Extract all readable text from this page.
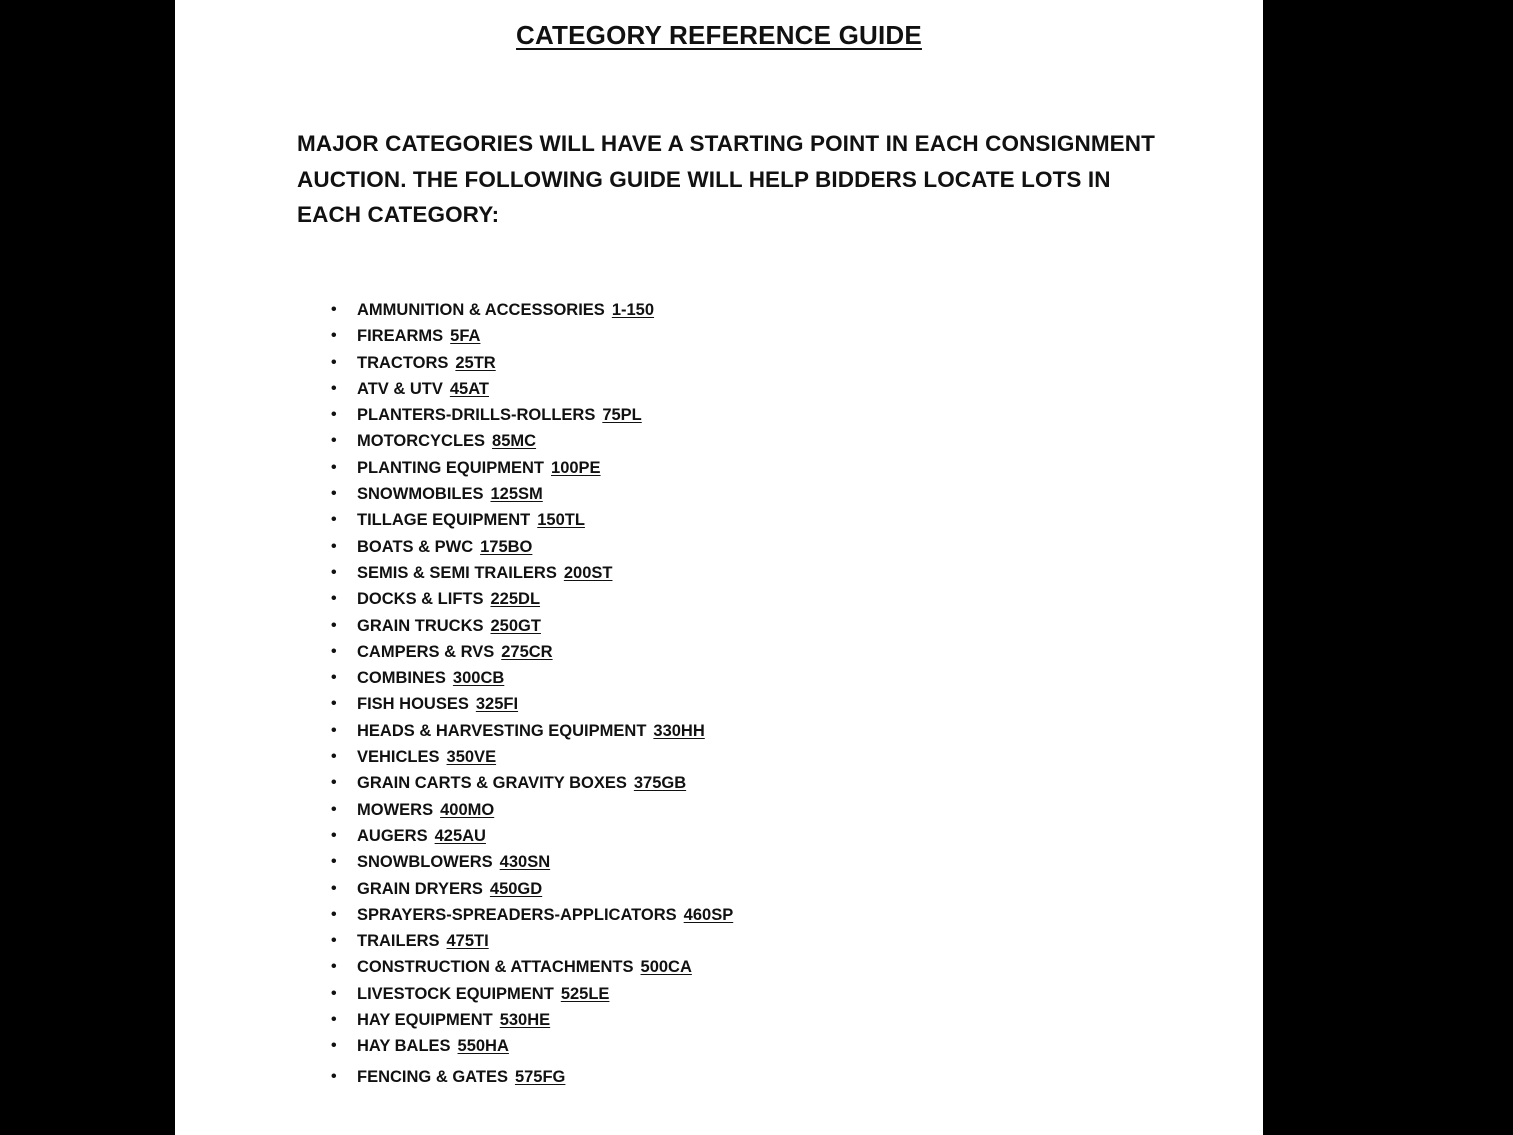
CATEGORY REFERENCE GUIDE
MAJOR CATEGORIES WILL HAVE A STARTING POINT IN EACH CONSIGNMENT AUCTION. THE FOLLOWING GUIDE WILL HELP BIDDERS LOCATE LOTS IN EACH CATEGORY:
• AMMUNITION & ACCESSORIES 1-150
• FIREARMS 5FA
• TRACTORS 25TR
• ATV & UTV 45AT
• PLANTERS-DRILLS-ROLLERS 75PL
• MOTORCYCLES 85MC
• PLANTING EQUIPMENT 100PE
• SNOWMOBILES 125SM
• TILLAGE EQUIPMENT 150TL
• BOATS & PWC 175BO
• SEMIS & SEMI TRAILERS 200ST
• DOCKS & LIFTS 225DL
• GRAIN TRUCKS 250GT
• CAMPERS & RVS 275CR
• COMBINES 300CB
• FISH HOUSES 325FI
• HEADS & HARVESTING EQUIPMENT 330HH
• VEHICLES 350VE
• GRAIN CARTS & GRAVITY BOXES 375GB
• MOWERS 400MO
• AUGERS 425AU
• SNOWBLOWERS 430SN
• GRAIN DRYERS 450GD
• SPRAYERS-SPREADERS-APPLICATORS 460SP
• TRAILERS 475TI
• CONSTRUCTION & ATTACHMENTS 500CA
• LIVESTOCK EQUIPMENT 525LE
• HAY EQUIPMENT 530HE
• HAY BALES 550HA
• FENCING & GATES 575FG
